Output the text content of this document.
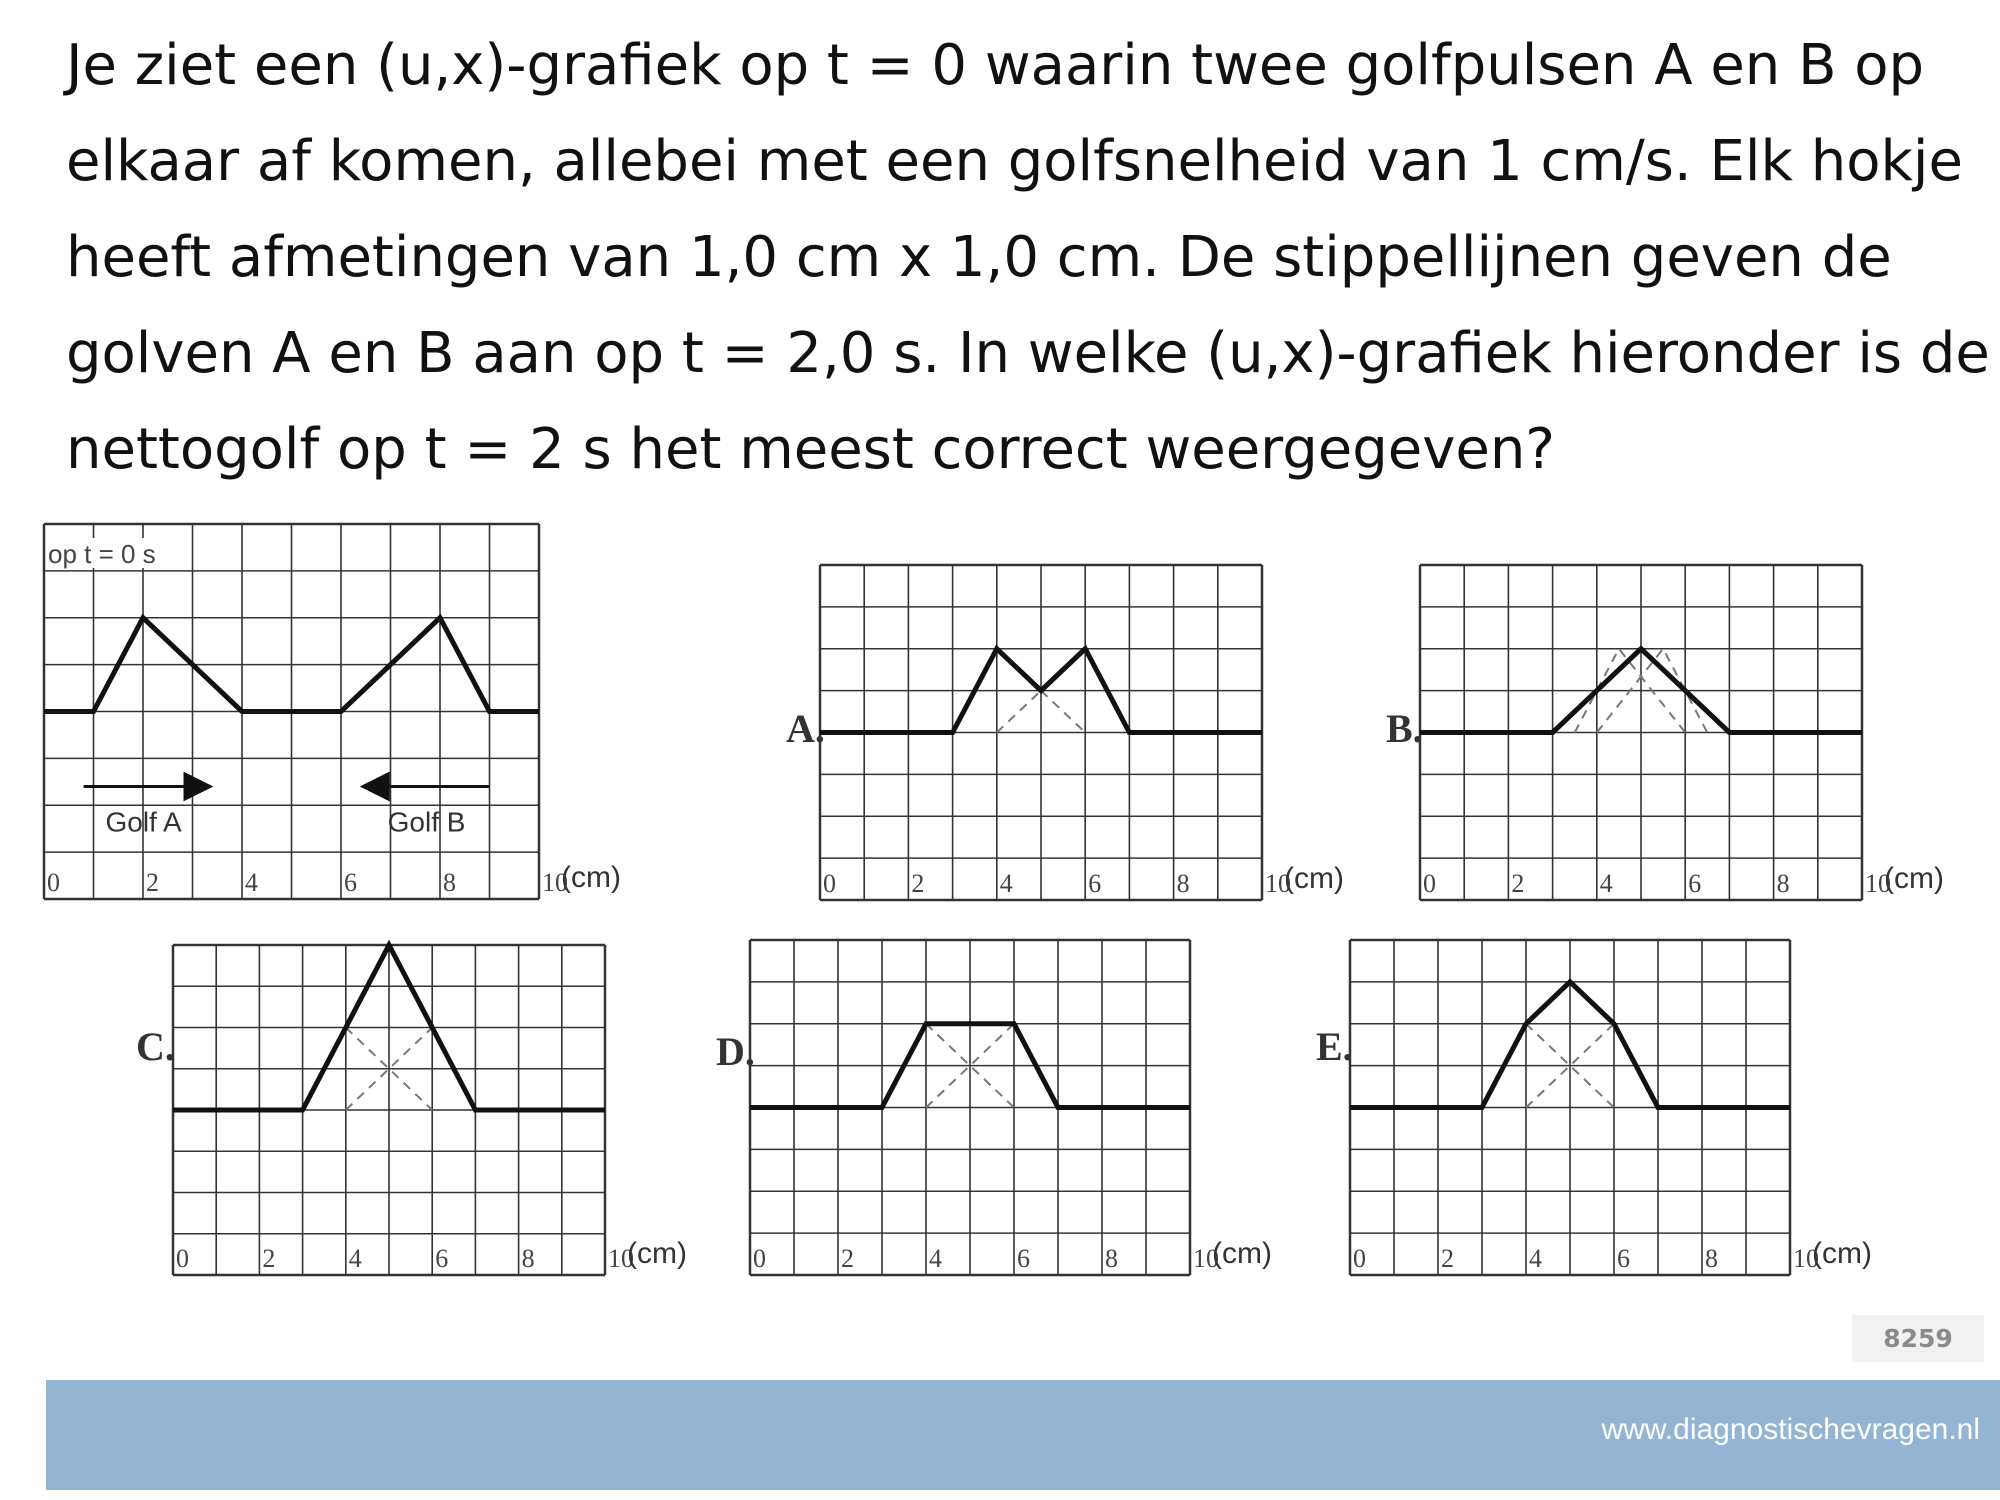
Je ziet een (u,x)-grafiek op t = 0 waarin twee golfpulsen A en B op
elkaar af komen, allebei met een golfsnelheid van 1 cm/s. Elk hokje
heeft afmetingen van 1,0 cm x 1,0 cm. De stippellijnen geven de
golven A en B aan op t = 2,0 s. In welke (u,x)-grafiek hieronder is de
nettogolf op t = 2 s het meest correct weergegeven?
0	2	4	6	8	10
(cm)
Golf A	Golf B
op t = 0 s
0	2	4	6	8	10
(cm)
A.
0	2	4	6	8	10
(cm)
B.
0	2	4	6	8	10
(cm)
C.
0	2	4	6	8	10
(cm)
D.
0	2	4	6	8	10
(cm)
E.
8259
www.diagnostischevragen.nl
